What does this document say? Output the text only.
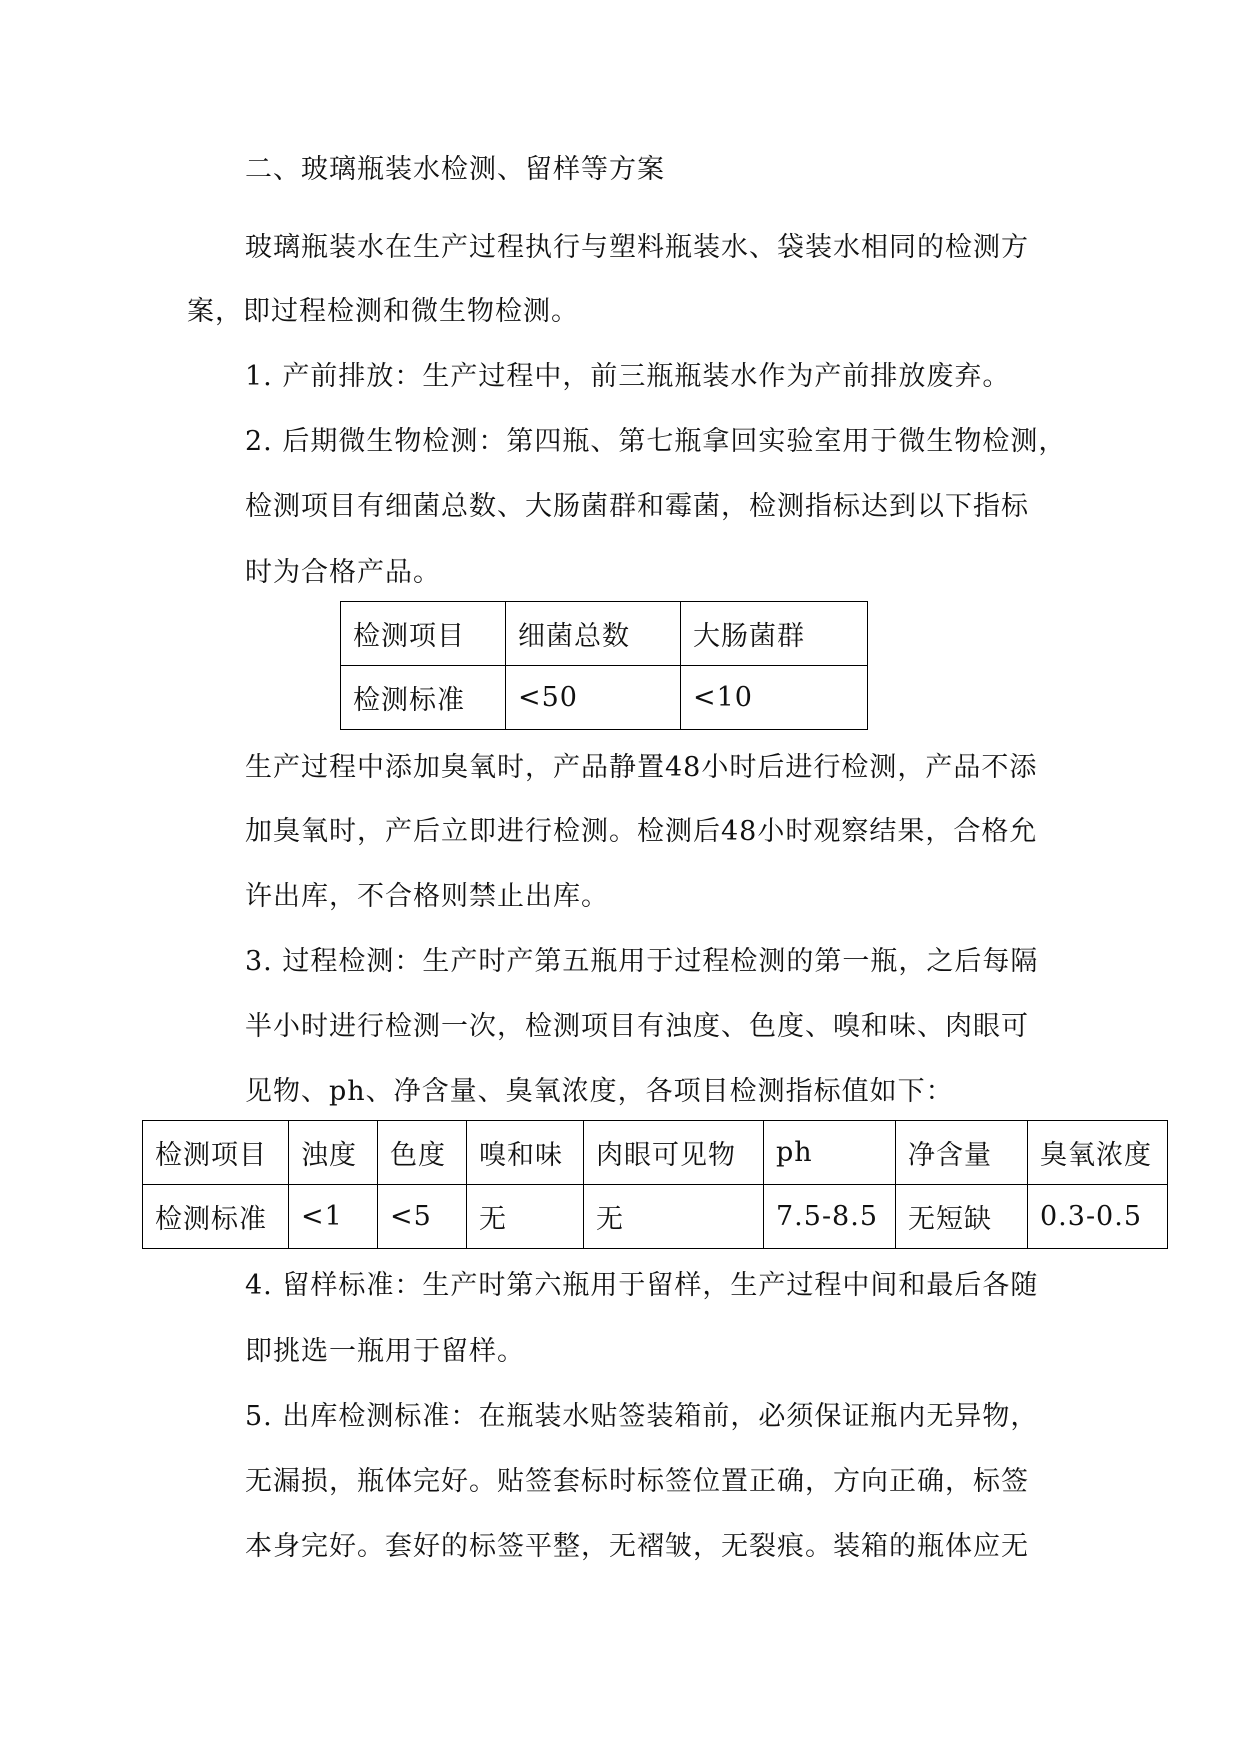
二、玻璃瓶装水检测、留样等方案
玻璃瓶装水在生产过程执行与塑料瓶装水、袋装水相同的检测方
案，即过程检测和微生物检测。
1. 产前排放：生产过程中，前三瓶瓶装水作为产前排放废弃。
2. 后期微生物检测：第四瓶、第七瓶拿回实验室用于微生物检测，
检测项目有细菌总数、大肠菌群和霉菌，检测指标达到以下指标
时为合格产品。
检测项目	细菌总数	大肠菌群
检测标准	<50	<10
生产过程中添加臭氧时，产品静置48小时后进行检测，产品不添
加臭氧时，产后立即进行检测。检测后48小时观察结果，合格允
许出库，不合格则禁止出库。
3. 过程检测：生产时产第五瓶用于过程检测的第一瓶，之后每隔
半小时进行检测一次，检测项目有浊度、色度、嗅和味、肉眼可
见物、ph、净含量、臭氧浓度，各项目检测指标值如下：
检测项目	浊度	色度	嗅和味	肉眼可见物	ph	净含量	臭氧浓度
检测标准	<1	<5	无	无	7.5-8.5	无短缺	0.3-0.5
4. 留样标准：生产时第六瓶用于留样，生产过程中间和最后各随
即挑选一瓶用于留样。
5. 出库检测标准：在瓶装水贴签装箱前，必须保证瓶内无异物，
无漏损，瓶体完好。贴签套标时标签位置正确，方向正确，标签
本身完好。套好的标签平整，无褶皱，无裂痕。装箱的瓶体应无
